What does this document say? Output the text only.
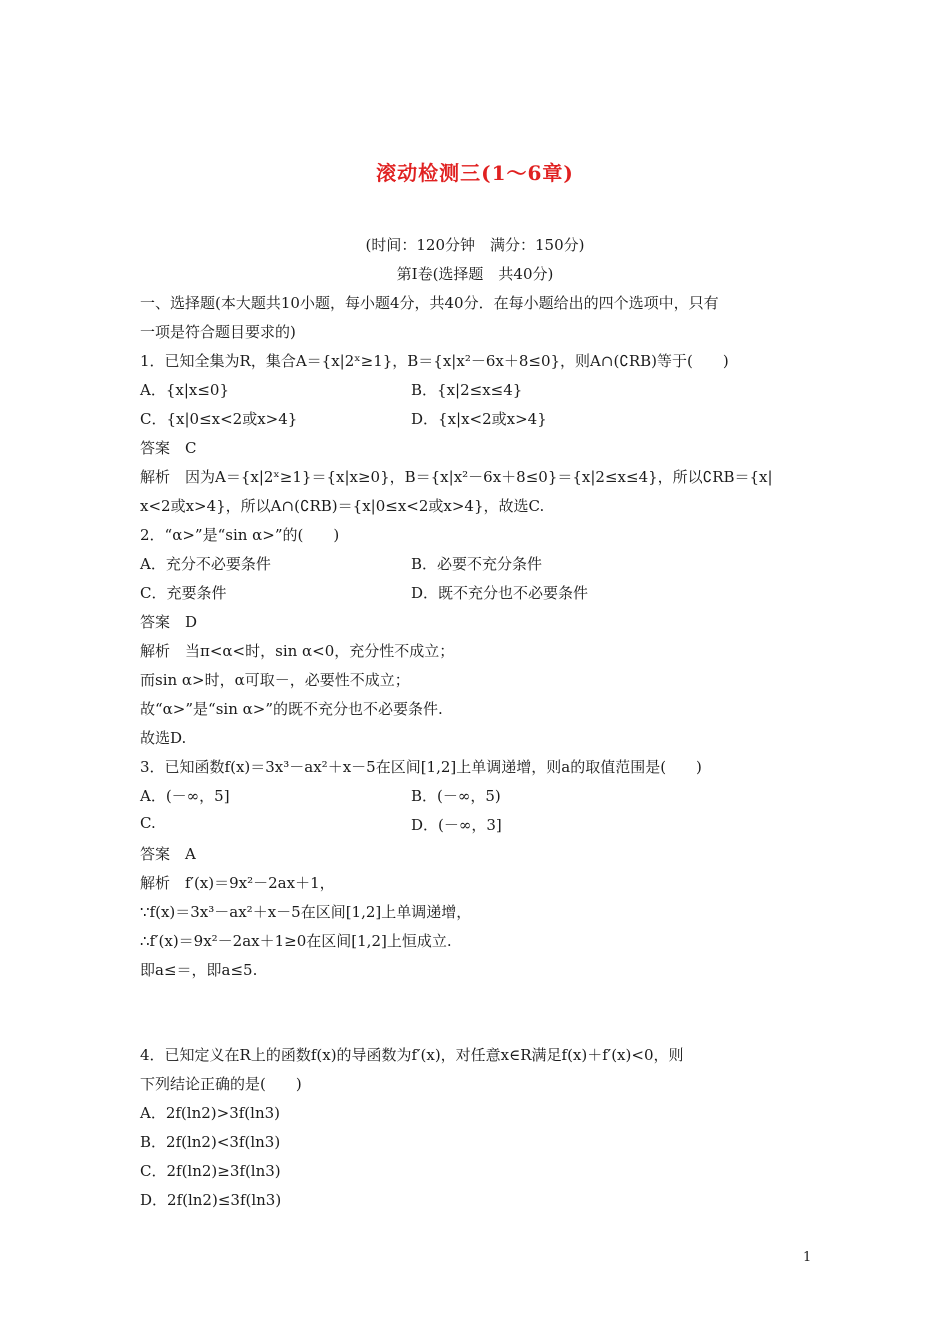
滚动检测三(1～6章)
(时间：120分钟　满分：150分)
第Ⅰ卷(选择题　共40分)
一、选择题(本大题共10小题，每小题4分，共40分．在每小题给出的四个选项中，只有
一项是符合题目要求的)
1．已知全集为R，集合A＝{x|2ˣ≥1}，B＝{x|x²－6x＋8≤0}，则A∩(∁RB)等于(　　)
A．{x|x≤0}	B．{x|2≤x≤4}
C．{x|0≤x<2或x>4}	D．{x|x<2或x>4}
答案　C
解析　因为A＝{x|2ˣ≥1}＝{x|x≥0}，B＝{x|x²－6x＋8≤0}＝{x|2≤x≤4}，所以∁RB＝{x|
x<2或x>4}，所以A∩(∁RB)＝{x|0≤x<2或x>4}，故选C.
2．“α>”是“sin α>”的(　　)
A．充分不必要条件	B．必要不充分条件
C．充要条件	D．既不充分也不必要条件
答案　D
解析　当π<α<时，sin α<0，充分性不成立；
而sin α>时，α可取－，必要性不成立；
故“α>”是“sin α>”的既不充分也不必要条件.
故选D.
3．已知函数f(x)＝3x³－ax²＋x－5在区间[1,2]上单调递增，则a的取值范围是(　　)
A．(－∞，5]	B．(－∞，5)
C.	D．(－∞，3]
答案　A
解析　f′(x)＝9x²－2ax＋1，
∵f(x)＝3x³－ax²＋x－5在区间[1,2]上单调递增，
∴f′(x)＝9x²－2ax＋1≥0在区间[1,2]上恒成立.
即a≤＝，即a≤5.
4．已知定义在R上的函数f(x)的导函数为f′(x)，对任意x∈R满足f(x)＋f′(x)<0，则
下列结论正确的是(　　)
A．2f(ln2)>3f(ln3)
B．2f(ln2)<3f(ln3)
C．2f(ln2)≥3f(ln3)
D．2f(ln2)≤3f(ln3)
1
